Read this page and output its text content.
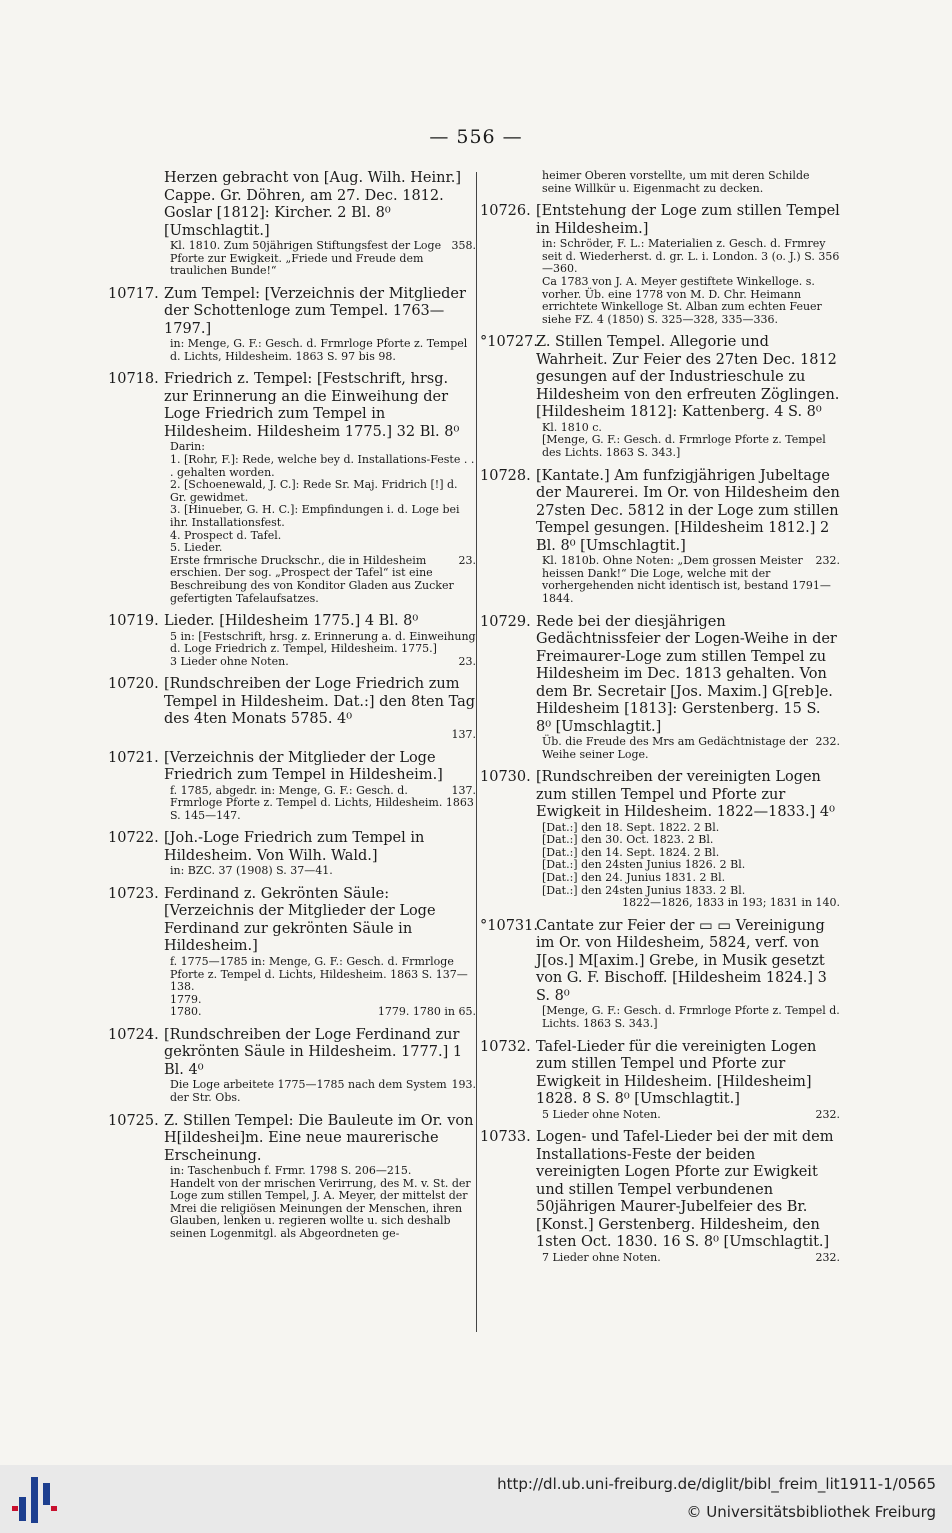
— 556 —
Herzen gebracht von [Aug. Wilh. Heinr.] Cappe. Gr. Döhren, am 27. Dec. 1812. Goslar [1812]: Kircher. 2 Bl. 8⁰ [Umschlagtit.]
358.
Kl. 1810. Zum 50jährigen Stiftungsfest der Loge Pforte zur Ewigkeit. „Friede und Freude dem traulichen Bunde!“
10717. Zum Tempel: [Verzeichnis der Mitglieder der Schottenloge zum Tempel. 1763—1797.]
in: Menge, G. F.: Gesch. d. Frmrloge Pforte z. Tempel d. Lichts, Hildesheim. 1863 S. 97 bis 98.
10718. Friedrich z. Tempel: [Festschrift, hrsg. zur Erinnerung an die Einweihung der Loge Friedrich zum Tempel in Hildesheim. Hildesheim 1775.] 32 Bl. 8⁰
Darin:
1. [Rohr, F.]: Rede, welche bey d. Installations-Feste . . . gehalten worden.
2. [Schoenewald, J. C.]: Rede Sr. Maj. Fridrich [!] d. Gr. gewidmet.
3. [Hinueber, G. H. C.]: Empfindungen i. d. Loge bei ihr. Installationsfest.
4. Prospect d. Tafel.
5. Lieder.
23.
Erste frmrische Druckschr., die in Hildesheim erschien. Der sog. „Prospect der Tafel“ ist eine Beschreibung des von Konditor Gladen aus Zucker gefertigten Tafelaufsatzes.
10719. Lieder. [Hildesheim 1775.] 4 Bl. 8⁰
5 in: [Festschrift, hrsg. z. Erinnerung a. d. Einweihung d. Loge Friedrich z. Tempel, Hildesheim. 1775.]
23.
3 Lieder ohne Noten.
10720. [Rundschreiben der Loge Friedrich zum Tempel in Hildesheim. Dat.:] den 8ten Tag des 4ten Monats 5785. 4⁰
137.
10721. [Verzeichnis der Mitglieder der Loge Friedrich zum Tempel in Hildesheim.]
137.
f. 1785, abgedr. in: Menge, G. F.: Gesch. d. Frmrloge Pforte z. Tempel d. Lichts, Hildesheim. 1863 S. 145—147.
10722. [Joh.-Loge Friedrich zum Tempel in Hildesheim. Von Wilh. Wald.]
in: BZC. 37 (1908) S. 37—41.
10723. Ferdinand z. Gekrönten Säule: [Verzeichnis der Mitglieder der Loge Ferdinand zur gekrönten Säule in Hildesheim.]
f. 1775—1785 in: Menge, G. F.: Gesch. d. Frmrloge Pforte z. Tempel d. Lichts, Hildesheim. 1863 S. 137—138.
1779.
1779. 1780 in 65.
1780.
10724. [Rundschreiben der Loge Ferdinand zur gekrönten Säule in Hildesheim. 1777.] 1 Bl. 4⁰
193.
Die Loge arbeitete 1775—1785 nach dem System der Str. Obs.
10725. Z. Stillen Tempel: Die Bauleute im Or. von H[ildeshei]m. Eine neue maurerische Erscheinung.
in: Taschenbuch f. Frmr. 1798 S. 206—215.
Handelt von der mrischen Verirrung, des M. v. St. der Loge zum stillen Tempel, J. A. Meyer, der mittelst der Mrei die religiösen Meinungen der Menschen, ihren Glauben, lenken u. regieren wollte u. sich deshalb seinen Logenmitgl. als Abgeordneten ge-
heimer Oberen vorstellte, um mit deren Schilde seine Willkür u. Eigenmacht zu decken.
10726. [Entstehung der Loge zum stillen Tempel in Hildesheim.]
in: Schröder, F. L.: Materialien z. Gesch. d. Frmrey seit d. Wiederherst. d. gr. L. i. London. 3 (o. J.) S. 356—360.
Ca 1783 von J. A. Meyer gestiftete Winkelloge. s. vorher. Üb. eine 1778 von M. D. Chr. Heimann errichtete Winkelloge St. Alban zum echten Feuer siehe FZ. 4 (1850) S. 325—328, 335—336.
°10727.
Z. Stillen Tempel. Allegorie und Wahrheit. Zur Feier des 27ten Dec. 1812 gesungen auf der Industrieschule zu Hildesheim von den erfreuten Zöglingen. [Hildesheim 1812]: Kattenberg. 4 S. 8⁰
Kl. 1810 c.
[Menge, G. F.: Gesch. d. Frmrloge Pforte z. Tempel des Lichts. 1863 S. 343.]
10728. [Kantate.] Am funfzigjährigen Jubeltage der Maurerei. Im Or. von Hildesheim den 27sten Dec. 5812 in der Loge zum stillen Tempel gesungen. [Hildesheim 1812.] 2 Bl. 8⁰ [Umschlagtit.]
232.
Kl. 1810b. Ohne Noten: „Dem grossen Meister heissen Dank!“ Die Loge, welche mit der vorhergehenden nicht identisch ist, bestand 1791—1844.
10729. Rede bei der diesjährigen Gedächtnissfeier der Logen-Weihe in der Freimaurer-Loge zum stillen Tempel zu Hildesheim im Dec. 1813 gehalten. Von dem Br. Secretair [Jos. Maxim.] G[reb]e. Hildesheim [1813]: Gerstenberg. 15 S. 8⁰ [Umschlagtit.]
232.
Üb. die Freude des Mrs am Gedächtnistage der Weihe seiner Loge.
10730. [Rundschreiben der vereinigten Logen zum stillen Tempel und Pforte zur Ewigkeit in Hildesheim. 1822—1833.] 4⁰
[Dat.:] den 18. Sept. 1822. 2 Bl.
[Dat.:] den 30. Oct. 1823. 2 Bl.
[Dat.:] den 14. Sept. 1824. 2 Bl.
[Dat.:] den 24sten Junius 1826. 2 Bl.
[Dat.:] den 24. Junius 1831. 2 Bl.
[Dat.:] den 24sten Junius 1833. 2 Bl.
1822—1826, 1833 in 193; 1831 in 140.
°10731.
Cantate zur Feier der ▭ ▭ Vereinigung im Or. von Hildesheim, 5824, verf. von J[os.] M[axim.] Grebe, in Musik gesetzt von G. F. Bischoff. [Hildesheim 1824.] 3 S. 8⁰
[Menge, G. F.: Gesch. d. Frmrloge Pforte z. Tempel d. Lichts. 1863 S. 343.]
10732. Tafel-Lieder für die vereinigten Logen zum stillen Tempel und Pforte zur Ewigkeit in Hildesheim. [Hildesheim] 1828. 8 S. 8⁰ [Umschlagtit.]
232.
5 Lieder ohne Noten.
10733. Logen- und Tafel-Lieder bei der mit dem Installations-Feste der beiden vereinigten Logen Pforte zur Ewigkeit und stillen Tempel verbundenen 50jährigen Maurer-Jubelfeier des Br. [Konst.] Gerstenberg. Hildesheim, den 1sten Oct. 1830. 16 S. 8⁰ [Umschlagtit.]
232.
7 Lieder ohne Noten.
http://dl.ub.uni-freiburg.de/diglit/bibl_freim_lit1911-1/0565
© Universitätsbibliothek Freiburg
